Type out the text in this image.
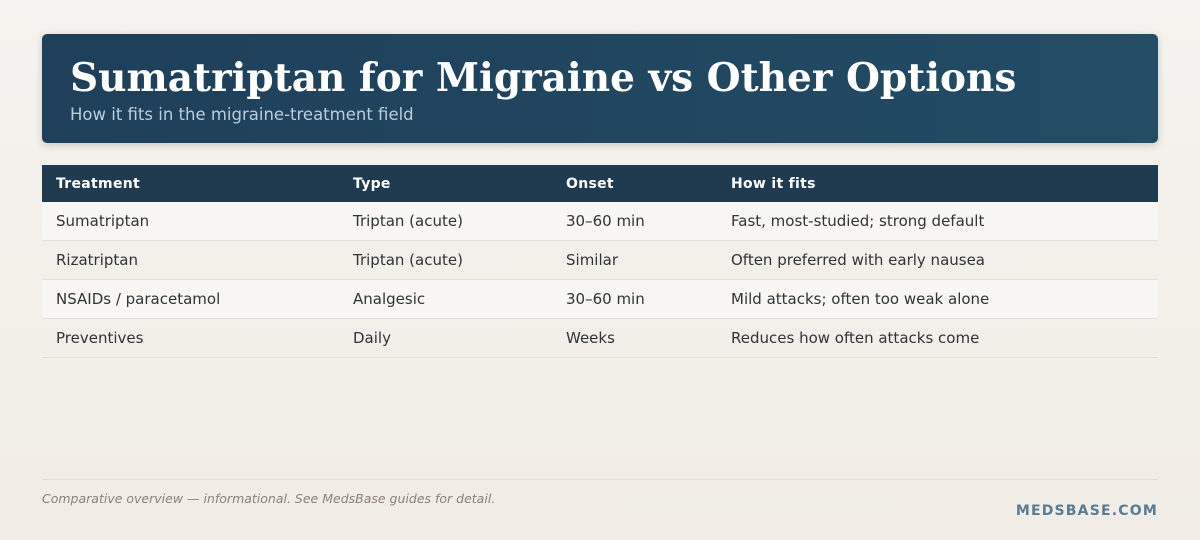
Sumatriptan for Migraine vs Other Options
How it fits in the migraine-treatment field
Treatment	Type	Onset	How it fits
Sumatriptan	Triptan (acute)	30–60 min	Fast, most-studied; strong default
Rizatriptan	Triptan (acute)	Similar	Often preferred with early nausea
NSAIDs / paracetamol	Analgesic	30–60 min	Mild attacks; often too weak alone
Preventives	Daily	Weeks	Reduces how often attacks come
Comparative overview — informational. See MedsBase guides for detail.
MEDSBASE.COM
